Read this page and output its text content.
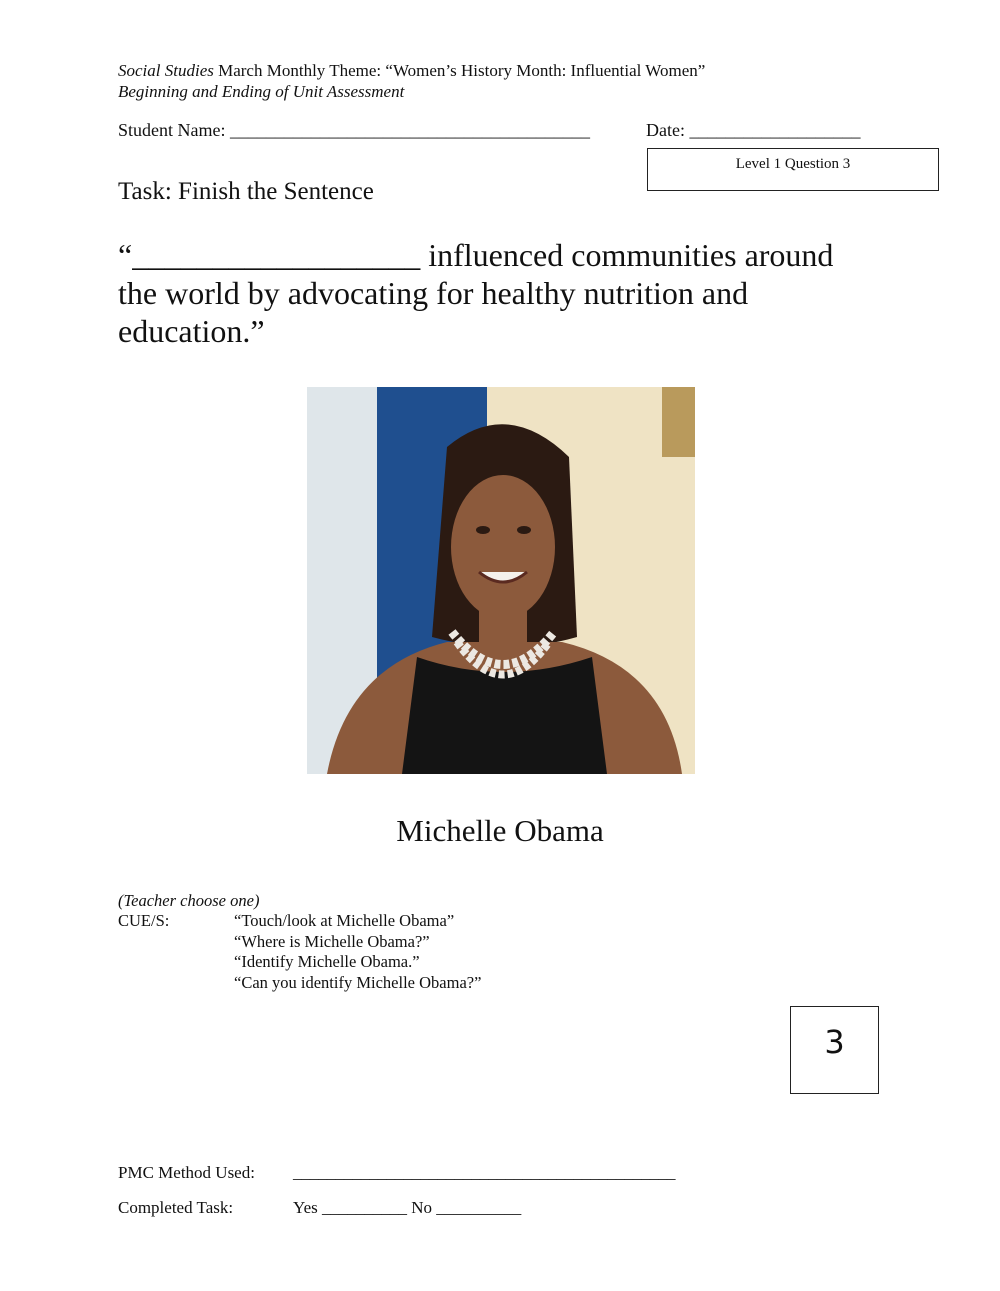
Social Studies March Monthly Theme: “Women’s History Month: Influential Women”
Beginning and Ending of Unit Assessment
Student Name: ________________________________________	Date: ___________________
Level 1 Question 3
Task: Finish the Sentence
“__________________ influenced communities around the world by advocating for healthy nutrition and education.”
Michelle Obama
(Teacher choose one)
CUE/S:	“Touch/look at Michelle Obama”
“Where is Michelle Obama?”
“Identify Michelle Obama.”
“Can you identify Michelle Obama?”
3
PMC Method Used: _____________________________________________
Completed Task:	Yes __________ No __________
